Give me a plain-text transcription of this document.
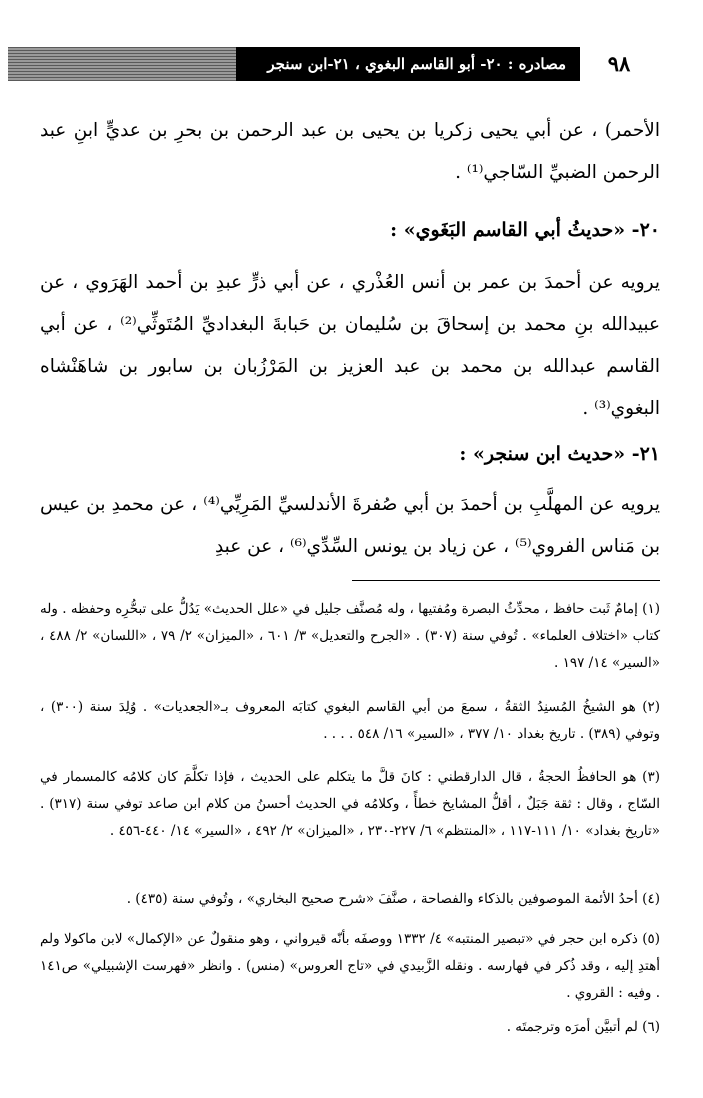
٩٨
مصادره : ٢٠- أبو القاسم البغوي ، ٢١-ابن سنجر
الأحمر) ، عن أبي يحيى زكريا بن يحيى بن عبد الرحمن بن بحرِ بن عديٍّ ابنِ عبد الرحمن الضبيِّ السّاجي⁽¹⁾ .
٢٠- «حديثُ أبي القاسم البَغَوي» :
يرويه عن أحمدَ بن عمر بن أنس العُذْري ، عن أبي ذرٍّ عبدِ بن أحمد الهَرَوي ، عن عبيدالله بنِ محمد بن إسحاقَ بن سُليمان بن حَبابةَ البغداديِّ المُتَوثِّي⁽²⁾ ، عن أبي القاسم عبدالله بن محمد بن عبد العزيز بن المَرْزُبان بن سابور بن شاهَنْشاه البغوي⁽³⁾ .
٢١- «حديث ابن سنجر» :
يرويه عن المهلَّبِ بن أحمدَ بن أبي صُفرةَ الأندلسيِّ المَرِيِّي⁽⁴⁾ ، عن محمدِ بن عيس بن مَناس الفروي⁽⁵⁾ ، عن زياد بن يونس السِّدِّي⁽⁶⁾ ، عن عبدِ
(١) إمامٌ ثَبت حافظ ، محدِّثُ البصرة ومُفتيها ، وله مُصنَّف جليل في «علل الحديث» يَدُلُّ على تبحُّرِه وحفظه . وله كتاب «اختلاف العلماء» . تُوفي سنة (٣٠٧) . «الجرح والتعديل» ٣/ ٦٠١ ، «الميزان» ٢/ ٧٩ ، «اللسان» ٢/ ٤٨٨ ، «السير» ١٤/ ١٩٧ .
(٢) هو الشيخُ المُسنِدُ الثقةُ ، سمعَ من أبي القاسم البغوي كتابَه المعروف بـ«الجعديات» . وُلِدَ سنة (٣٠٠) ، وتوفي (٣٨٩) . تاريخ بغداد ١٠/ ٣٧٧ ، «السير» ١٦/ ٥٤٨ . . . .
(٣) هو الحافظُ الحجةُ ، قال الدارقطني : كانَ قلَّ ما يتكلم على الحديث ، فإذا تكلَّمَ كان كلامُه كالمسمار في السّاج ، وقال : ثقة جَبَلٌ ، أقلُّ المشايخ خطأً ، وكلامُه في الحديث أحسنُ من كلام ابن صاعد توفي سنة (٣١٧) . «تاريخ بغداد» ١٠/ ١١١-١١٧ ، «المنتظم» ٦/ ٢٢٧-٢٣٠ ، «الميزان» ٢/ ٤٩٢ ، «السير» ١٤/ ٤٤٠-٤٥٦ .
(٤) أحدُ الأئمة الموصوفين بالذكاء والفصاحة ، صنَّفَ «شرح صحيح البخاري» ، وتُوفي سنة (٤٣٥) .
(٥) ذكره ابن حجر في «تبصير المنتبه» ٤/ ١٣٣٢ ووصفَه بأنّه قيرواني ، وهو منقولٌ عن «الإكمال» لابن ماكولا ولم أهتدِ إليه ، وقد ذُكر في فهارسه . ونقله الزَّبيدي في «تاج العروس» (منس) . وانظر «فهرست الإشبيلي» ص١٤١ . وفيه : القروي .
(٦) لم أتبيَّن أمرَه وترجمتَه .
